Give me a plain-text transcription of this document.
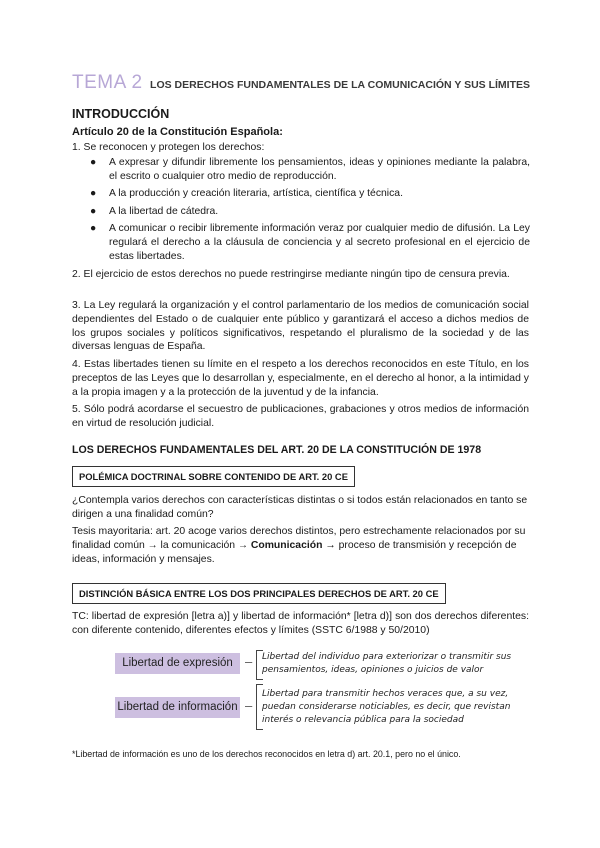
TEMA 2 LOS DERECHOS FUNDAMENTALES DE LA COMUNICACIÓN Y SUS LÍMITES
INTRODUCCIÓN
Artículo 20 de la Constitución Española:
1. Se reconocen y protegen los derechos:
● A expresar y difundir libremente los pensamientos, ideas y opiniones mediante la palabra, el escrito o cualquier otro medio de reproducción.
● A la producción y creación literaria, artística, científica y técnica.
● A la libertad de cátedra.
● A comunicar o recibir libremente información veraz por cualquier medio de difusión. La Ley regulará el derecho a la cláusula de conciencia y al secreto profesional en el ejercicio de estas libertades.
2. El ejercicio de estos derechos no puede restringirse mediante ningún tipo de censura previa.
3. La Ley regulará la organización y el control parlamentario de los medios de comunicación social dependientes del Estado o de cualquier ente público y garantizará el acceso a dichos medios de los grupos sociales y políticos significativos, respetando el pluralismo de la sociedad y de las diversas lenguas de España.
4. Estas libertades tienen su límite en el respeto a los derechos reconocidos en este Título, en los preceptos de las Leyes que lo desarrollan y, especialmente, en el derecho al honor, a la intimidad y a la propia imagen y a la protección de la juventud y de la infancia.
5. Sólo podrá acordarse el secuestro de publicaciones, grabaciones y otros medios de información en virtud de resolución judicial.
LOS DERECHOS FUNDAMENTALES DEL ART. 20 DE LA CONSTITUCIÓN DE 1978
POLÉMICA DOCTRINAL SOBRE CONTENIDO DE ART. 20 CE
¿Contempla varios derechos con características distintas o si todos están relacionados en tanto se dirigen a una finalidad común?
Tesis mayoritaria: art. 20 acoge varios derechos distintos, pero estrechamente relacionados por su finalidad común → la comunicación → Comunicación → proceso de transmisión y recepción de ideas, información y mensajes.
DISTINCIÓN BÁSICA ENTRE LOS DOS PRINCIPALES DERECHOS DE ART. 20 CE
TC: libertad de expresión [letra a)] y libertad de información* [letra d)] son dos derechos diferentes: con diferente contenido, diferentes efectos y límites (SSTC 6/1988 y 50/2010)
Libertad de expresión – Libertad del individuo para exteriorizar o transmitir sus pensamientos, ideas, opiniones o juicios de valor
Libertad de información –
Libertad para transmitir hechos veraces que, a su vez, puedan considerarse noticiables, es decir, que revistan interés o relevancia pública para la sociedad
*Libertad de información es uno de los derechos reconocidos en letra d) art. 20.1, pero no el único.
